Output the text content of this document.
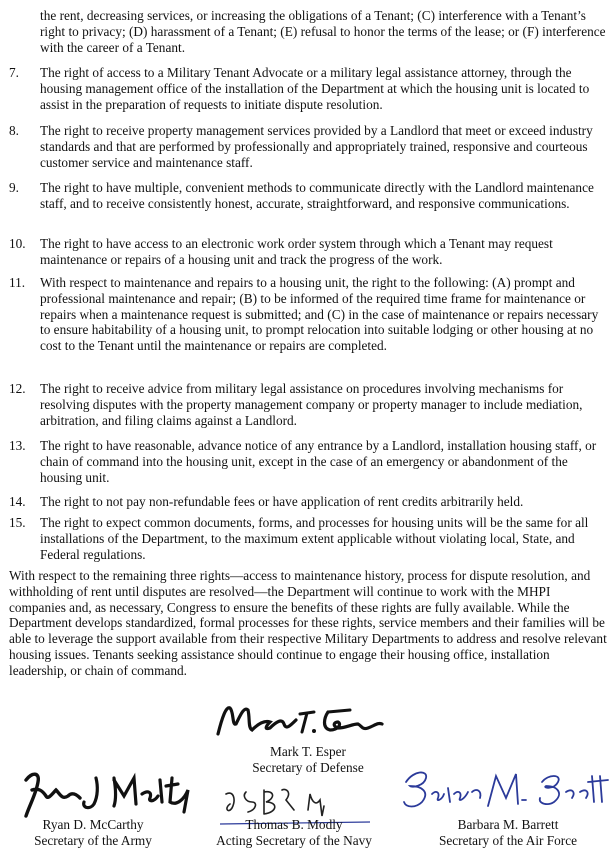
the rent, decreasing services, or increasing the obligations of a Tenant; (C) interference with a Tenant’s right to privacy; (D) harassment of a Tenant; (E) refusal to honor the terms of the lease; or (F) interference with the career of a Tenant.
7. The right of access to a Military Tenant Advocate or a military legal assistance attorney, through the housing management office of the installation of the Department at which the housing unit is located to assist in the preparation of requests to initiate dispute resolution.
8. The right to receive property management services provided by a Landlord that meet or exceed industry standards and that are performed by professionally and appropriately trained, responsive and courteous customer service and maintenance staff.
9. The right to have multiple, convenient methods to communicate directly with the Landlord maintenance staff, and to receive consistently honest, accurate, straightforward, and responsive communications.
10. The right to have access to an electronic work order system through which a Tenant may request maintenance or repairs of a housing unit and track the progress of the work.
11. With respect to maintenance and repairs to a housing unit, the right to the following: (A) prompt and professional maintenance and repair; (B) to be informed of the required time frame for maintenance or repairs when a maintenance request is submitted; and (C) in the case of maintenance or repairs necessary to ensure habitability of a housing unit, to prompt relocation into suitable lodging or other housing at no cost to the Tenant until the maintenance or repairs are completed.
12. The right to receive advice from military legal assistance on procedures involving mechanisms for resolving disputes with the property management company or property manager to include mediation, arbitration, and filing claims against a Landlord.
13. The right to have reasonable, advance notice of any entrance by a Landlord, installation housing staff, or chain of command into the housing unit, except in the case of an emergency or abandonment of the housing unit.
14. The right to not pay non-refundable fees or have application of rent credits arbitrarily held.
15. The right to expect common documents, forms, and processes for housing units will be the same for all installations of the Department, to the maximum extent applicable without violating local, State, and Federal regulations.
With respect to the remaining three rights—access to maintenance history, process for dispute resolution, and withholding of rent until disputes are resolved—the Department will continue to work with the MHPI companies and, as necessary, Congress to ensure the benefits of these rights are fully available. While the Department develops standardized, formal processes for these rights, service members and their families will be able to leverage the support available from their respective Military Departments to address and resolve relevant housing issues. Tenants seeking assistance should continue to engage their housing office, installation leadership, or chain of command.
Mark T. Esper
Secretary of Defense
Ryan D. McCarthy
Secretary of the Army
Thomas B. Modly
Acting Secretary of the Navy
Barbara M. Barrett
Secretary of the Air Force
